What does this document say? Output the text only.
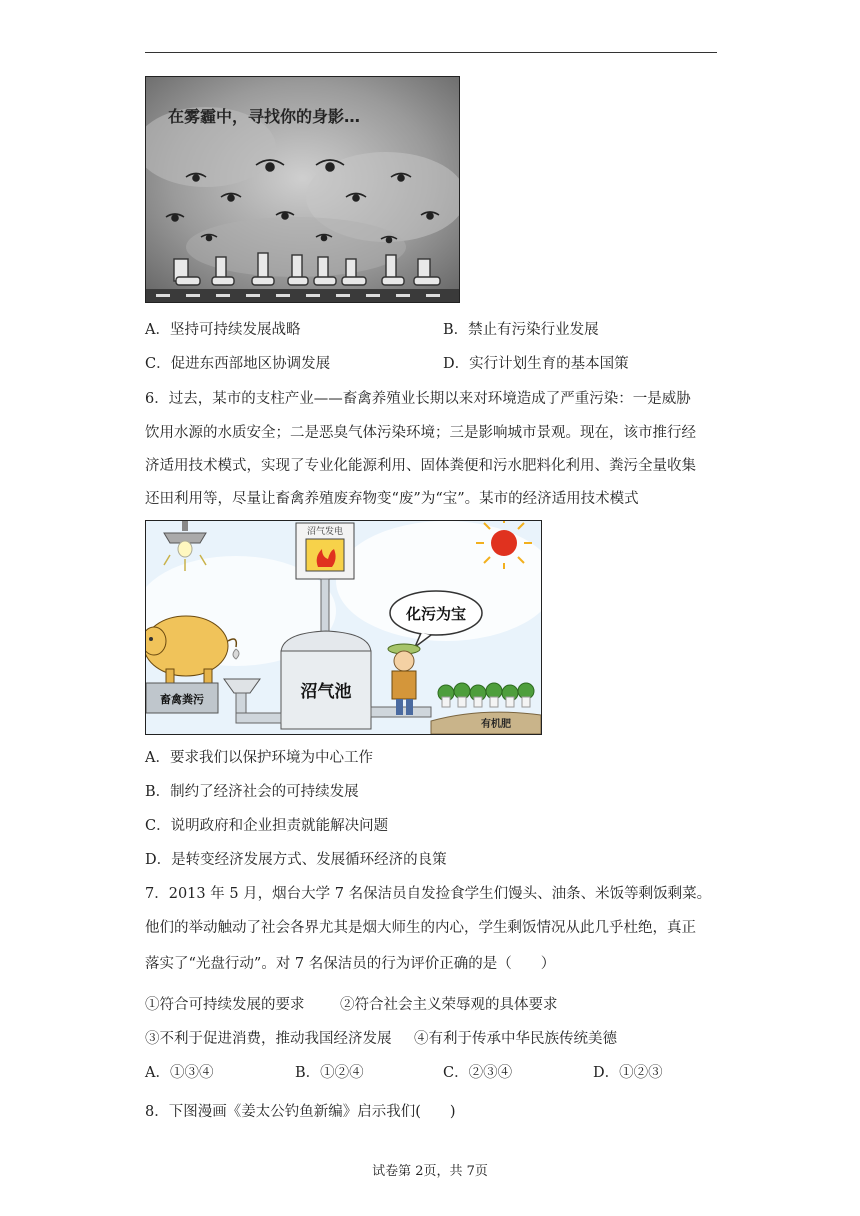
在雾霾中，寻找你的身影…
A．坚持可持续发展战略	B．禁止有污染行业发展
C．促进东西部地区协调发展	D．实行计划生育的基本国策
6．过去，某市的支柱产业——畜禽养殖业长期以来对环境造成了严重污染：一是威胁
饮用水源的水质安全；二是恶臭气体污染环境；三是影响城市景观。现在，该市推行经
济适用技术模式，实现了专业化能源利用、固体粪便和污水肥料化利用、粪污全量收集
还田利用等，尽量让畜禽养殖废弃物变“废”为“宝”。某市的经济适用技术模式
沼气发电
沼气池
畜禽粪污
化污为宝
有机肥
A．要求我们以保护环境为中心工作
B．制约了经济社会的可持续发展
C．说明政府和企业担责就能解决问题
D．是转变经济发展方式、发展循环经济的良策
7．2013 年 5 月，烟台大学 7 名保洁员自发捡食学生们馒头、油条、米饭等剩饭剩菜。
他们的举动触动了社会各界尤其是烟大师生的内心，学生剩饭情况从此几乎杜绝，真正
落实了“光盘行动”。对 7 名保洁员的行为评价正确的是（　　）
①符合可持续发展的要求 ②符合社会主义荣辱观的具体要求
③不利于促进消费，推动我国经济发展 ④有利于传承中华民族传统美德
A．①③④	B．①②④	C．②③④	D．①②③
8．下图漫画《姜太公钓鱼新编》启示我们(　　)
试卷第 2页，共 7页
